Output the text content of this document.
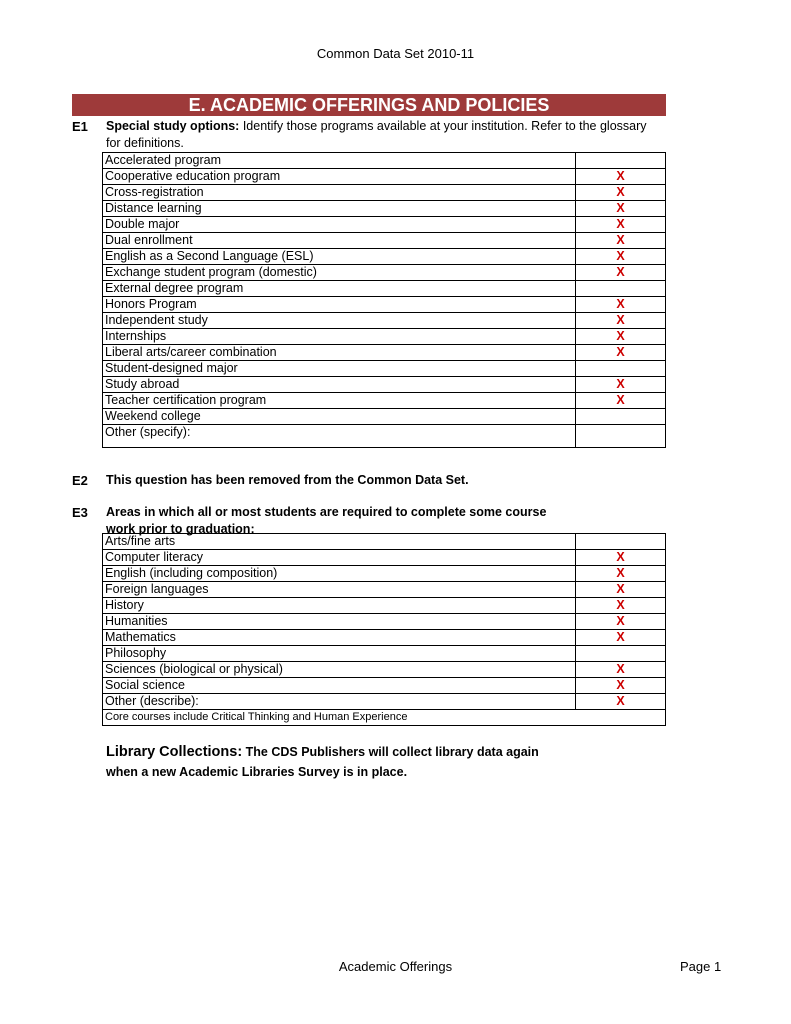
Common Data Set 2010-11
E. ACADEMIC OFFERINGS AND POLICIES
E1 Special study options: Identify those programs available at your institution. Refer to the glossary
for definitions.
Accelerated program	
Cooperative education program	X
Cross-registration	X
Distance learning	X
Double major	X
Dual enrollment	X
English as a Second Language (ESL)	X
Exchange student program (domestic)	X
External degree program	
Honors Program	X
Independent study	X
Internships	X
Liberal arts/career combination	X
Student-designed major	
Study abroad	X
Teacher certification program	X
Weekend college	
Other (specify):	
E2 This question has been removed from the Common Data Set.
E3 Areas in which all or most students are required to complete some course
work prior to graduation:
Arts/fine arts	
Computer literacy	X
English (including composition)	X
Foreign languages	X
History	X
Humanities	X
Mathematics	X
Philosophy	
Sciences (biological or physical)	X
Social science	X
Other (describe):	X
Core courses include Critical Thinking and Human Experience	
Library Collections: The CDS Publishers will collect library data again
when a new Academic Libraries Survey is in place.
Academic Offerings	Page 1
